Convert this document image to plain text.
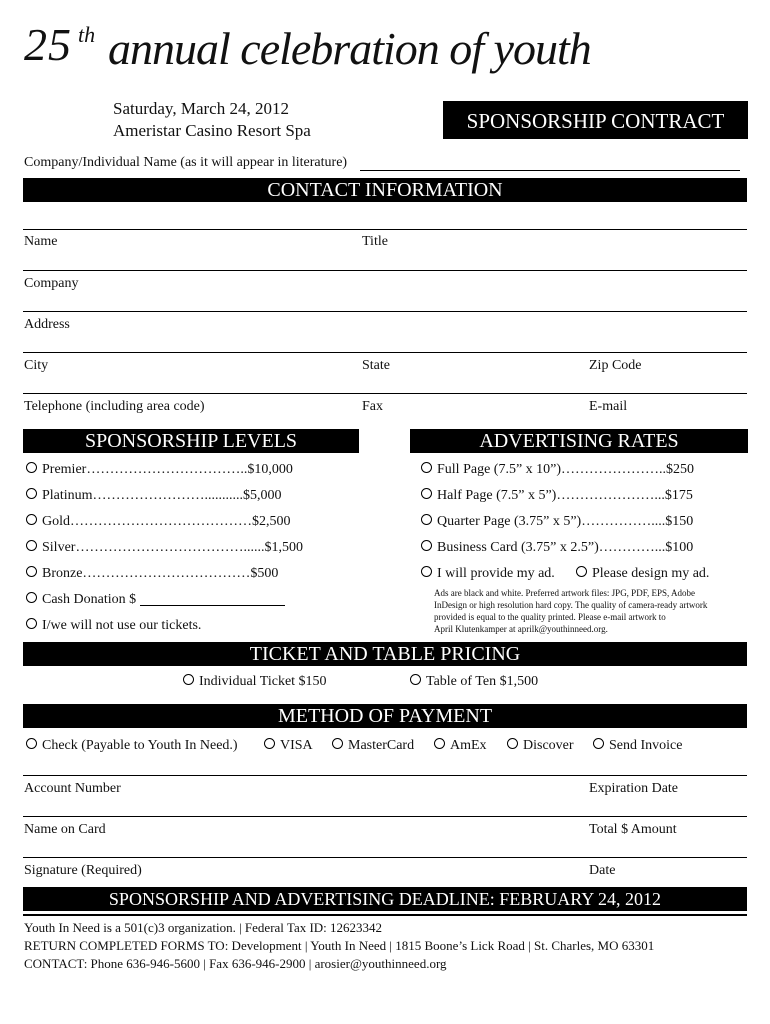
25 th annual celebration of youth
Saturday, March 24, 2012
Ameristar Casino Resort Spa	SPONSORSHIP CONTRACT
Company/Individual Name (as it will appear in literature)
CONTACT INFORMATION
Name	Title
Company
Address
City	State	Zip Code
Telephone (including area code)	Fax	E-mail
SPONSORSHIP LEVELS
Premier……………………………..$10,000
Platinum……………………...........$5,000
Gold…………………………………$2,500
Silver………………………………......$1,500
Bronze………………………………$500
Cash Donation $
I/we will not use our tickets.
ADVERTISING RATES
Full Page (7.5” x 10”)…………………..$250
Half Page (7.5” x 5”)…………………...$175
Quarter Page (3.75” x 5”)……………....$150
Business Card (3.75” x 2.5”)…………...$100
I will provide my ad.	Please design my ad.
Ads are black and white. Preferred artwork files: JPG, PDF, EPS, Adobe
InDesign or high resolution hard copy. The quality of camera-ready artwork
provided is equal to the quality printed. Please e-mail artwork to
April Klutenkamper at aprilk@youthinneed.org.
TICKET AND TABLE PRICING
Individual Ticket $150	Table of Ten $1,500
METHOD OF PAYMENT
Check (Payable to Youth In Need.)	VISA	MasterCard	AmEx	Discover	Send Invoice
Account Number	Expiration Date
Name on Card	Total $ Amount
Signature (Required)	Date
SPONSORSHIP AND ADVERTISING DEADLINE: FEBRUARY 24, 2012
Youth In Need is a 501(c)3 organization. | Federal Tax ID: 12623342
RETURN COMPLETED FORMS TO: Development | Youth In Need | 1815 Boone’s Lick Road | St. Charles, MO 63301
CONTACT: Phone 636-946-5600 | Fax 636-946-2900 | arosier@youthinneed.org
